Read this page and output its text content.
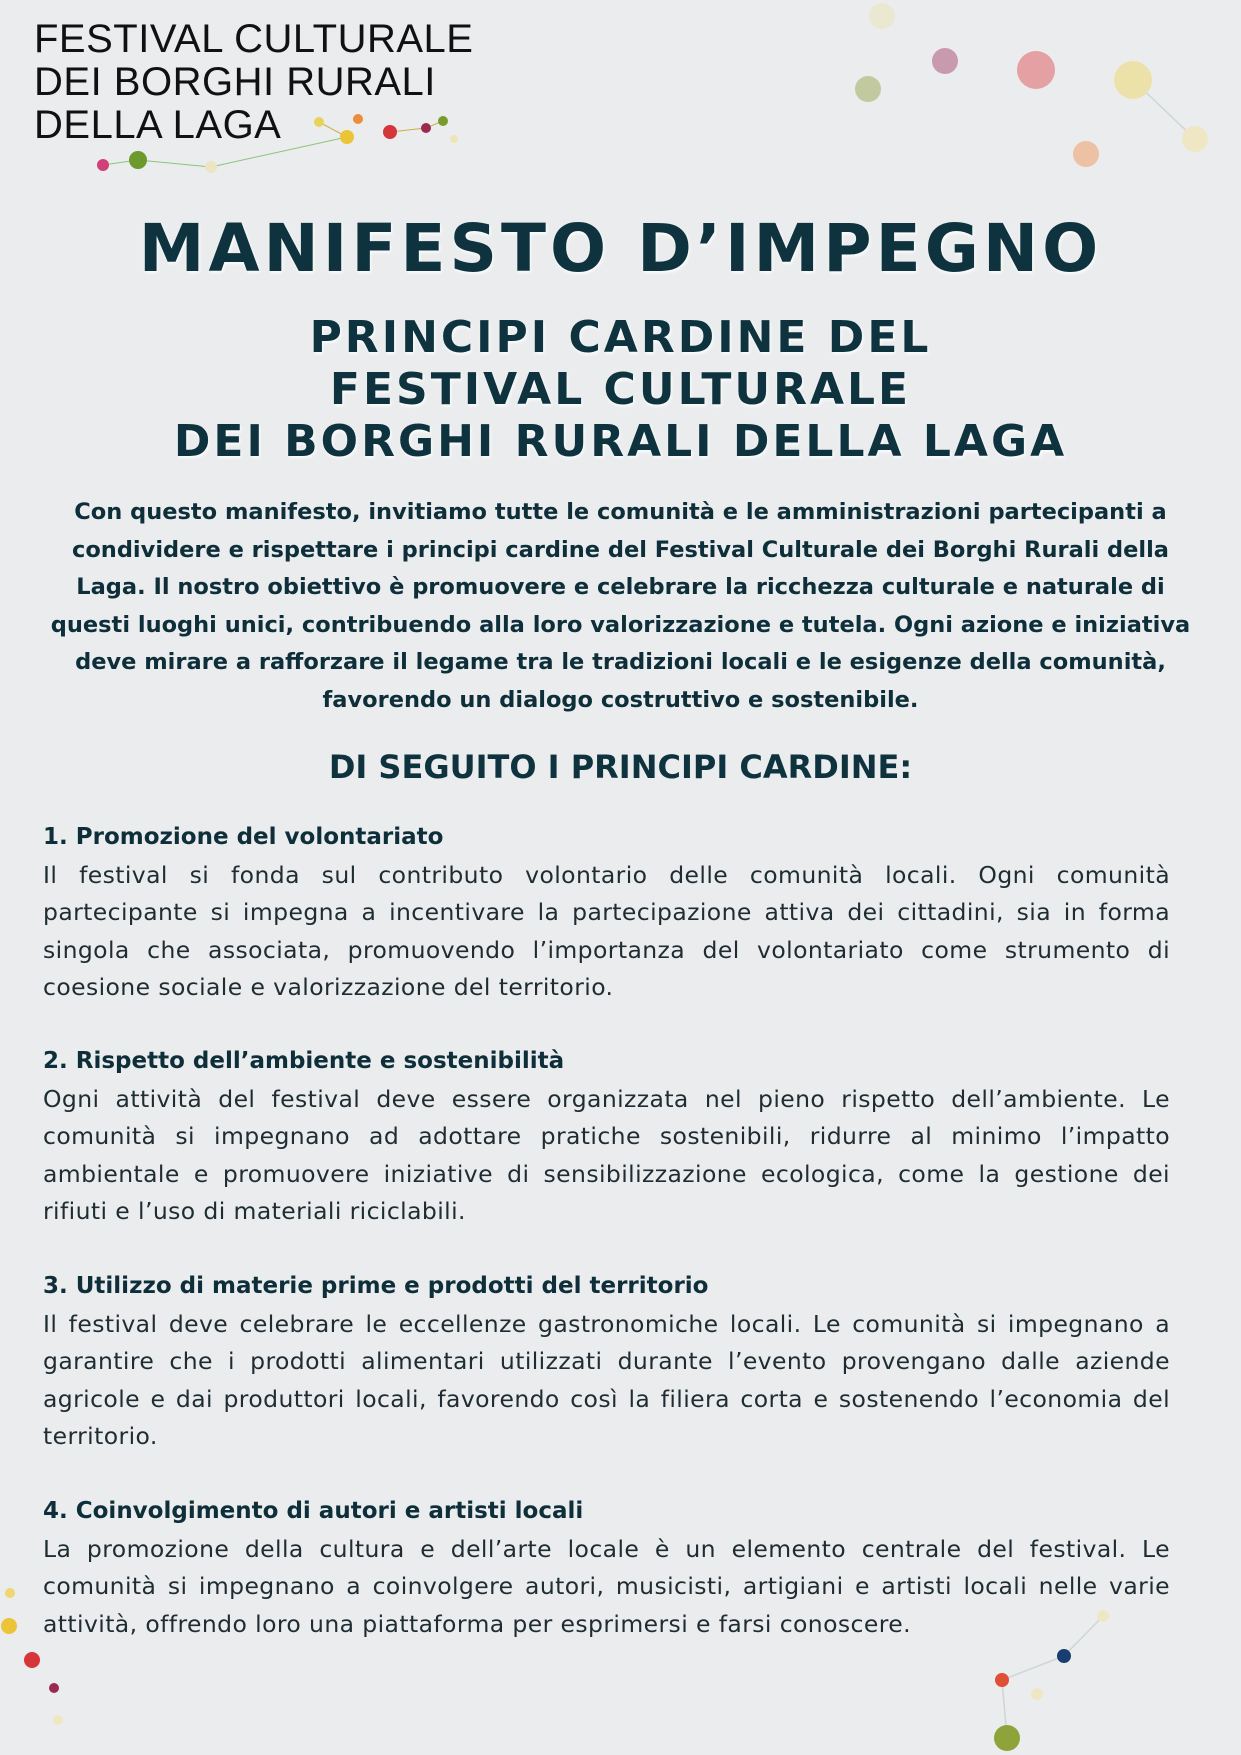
FESTIVAL CULTURALE
DEI BORGHI RURALI
DELLA LAGA
MANIFESTO D’IMPEGNO
PRINCIPI CARDINE DEL
FESTIVAL CULTURALE
DEI BORGHI RURALI DELLA LAGA
Con questo manifesto, invitiamo tutte le comunità e le amministrazioni partecipanti a condividere e rispettare i principi cardine del Festival Culturale dei Borghi Rurali della Laga. Il nostro obiettivo è promuovere e celebrare la ricchezza culturale e naturale di questi luoghi unici, contribuendo alla loro valorizzazione e tutela. Ogni azione e iniziativa deve mirare a rafforzare il legame tra le tradizioni locali e le esigenze della comunità, favorendo un dialogo costruttivo e sostenibile.
DI SEGUITO I PRINCIPI CARDINE:
1. Promozione del volontariato

Il festival si fonda sul contributo volontario delle comunità locali. Ogni comunità partecipante si impegna a incentivare la partecipazione attiva dei cittadini, sia in forma singola che associata, promuovendo l’importanza del volontariato come strumento di coesione sociale e valorizzazione del territorio.

2. Rispetto dell’ambiente e sostenibilità

Ogni attività del festival deve essere organizzata nel pieno rispetto dell’ambiente. Le comunità si impegnano ad adottare pratiche sostenibili, ridurre al minimo l’impatto ambientale e promuovere iniziative di sensibilizzazione ecologica, come la gestione dei rifiuti e l’uso di materiali riciclabili.

3. Utilizzo di materie prime e prodotti del territorio

Il festival deve celebrare le eccellenze gastronomiche locali. Le comunità si impegnano a garantire che i prodotti alimentari utilizzati durante l’evento provengano dalle aziende agricole e dai produttori locali, favorendo così la filiera corta e sostenendo l’economia del territorio.

4. Coinvolgimento di autori e artisti locali

La promozione della cultura e dell’arte locale è un elemento centrale del festival. Le comunità si impegnano a coinvolgere autori, musicisti, artigiani e artisti locali nelle varie attività, offrendo loro una piattaforma per esprimersi e farsi conoscere.
